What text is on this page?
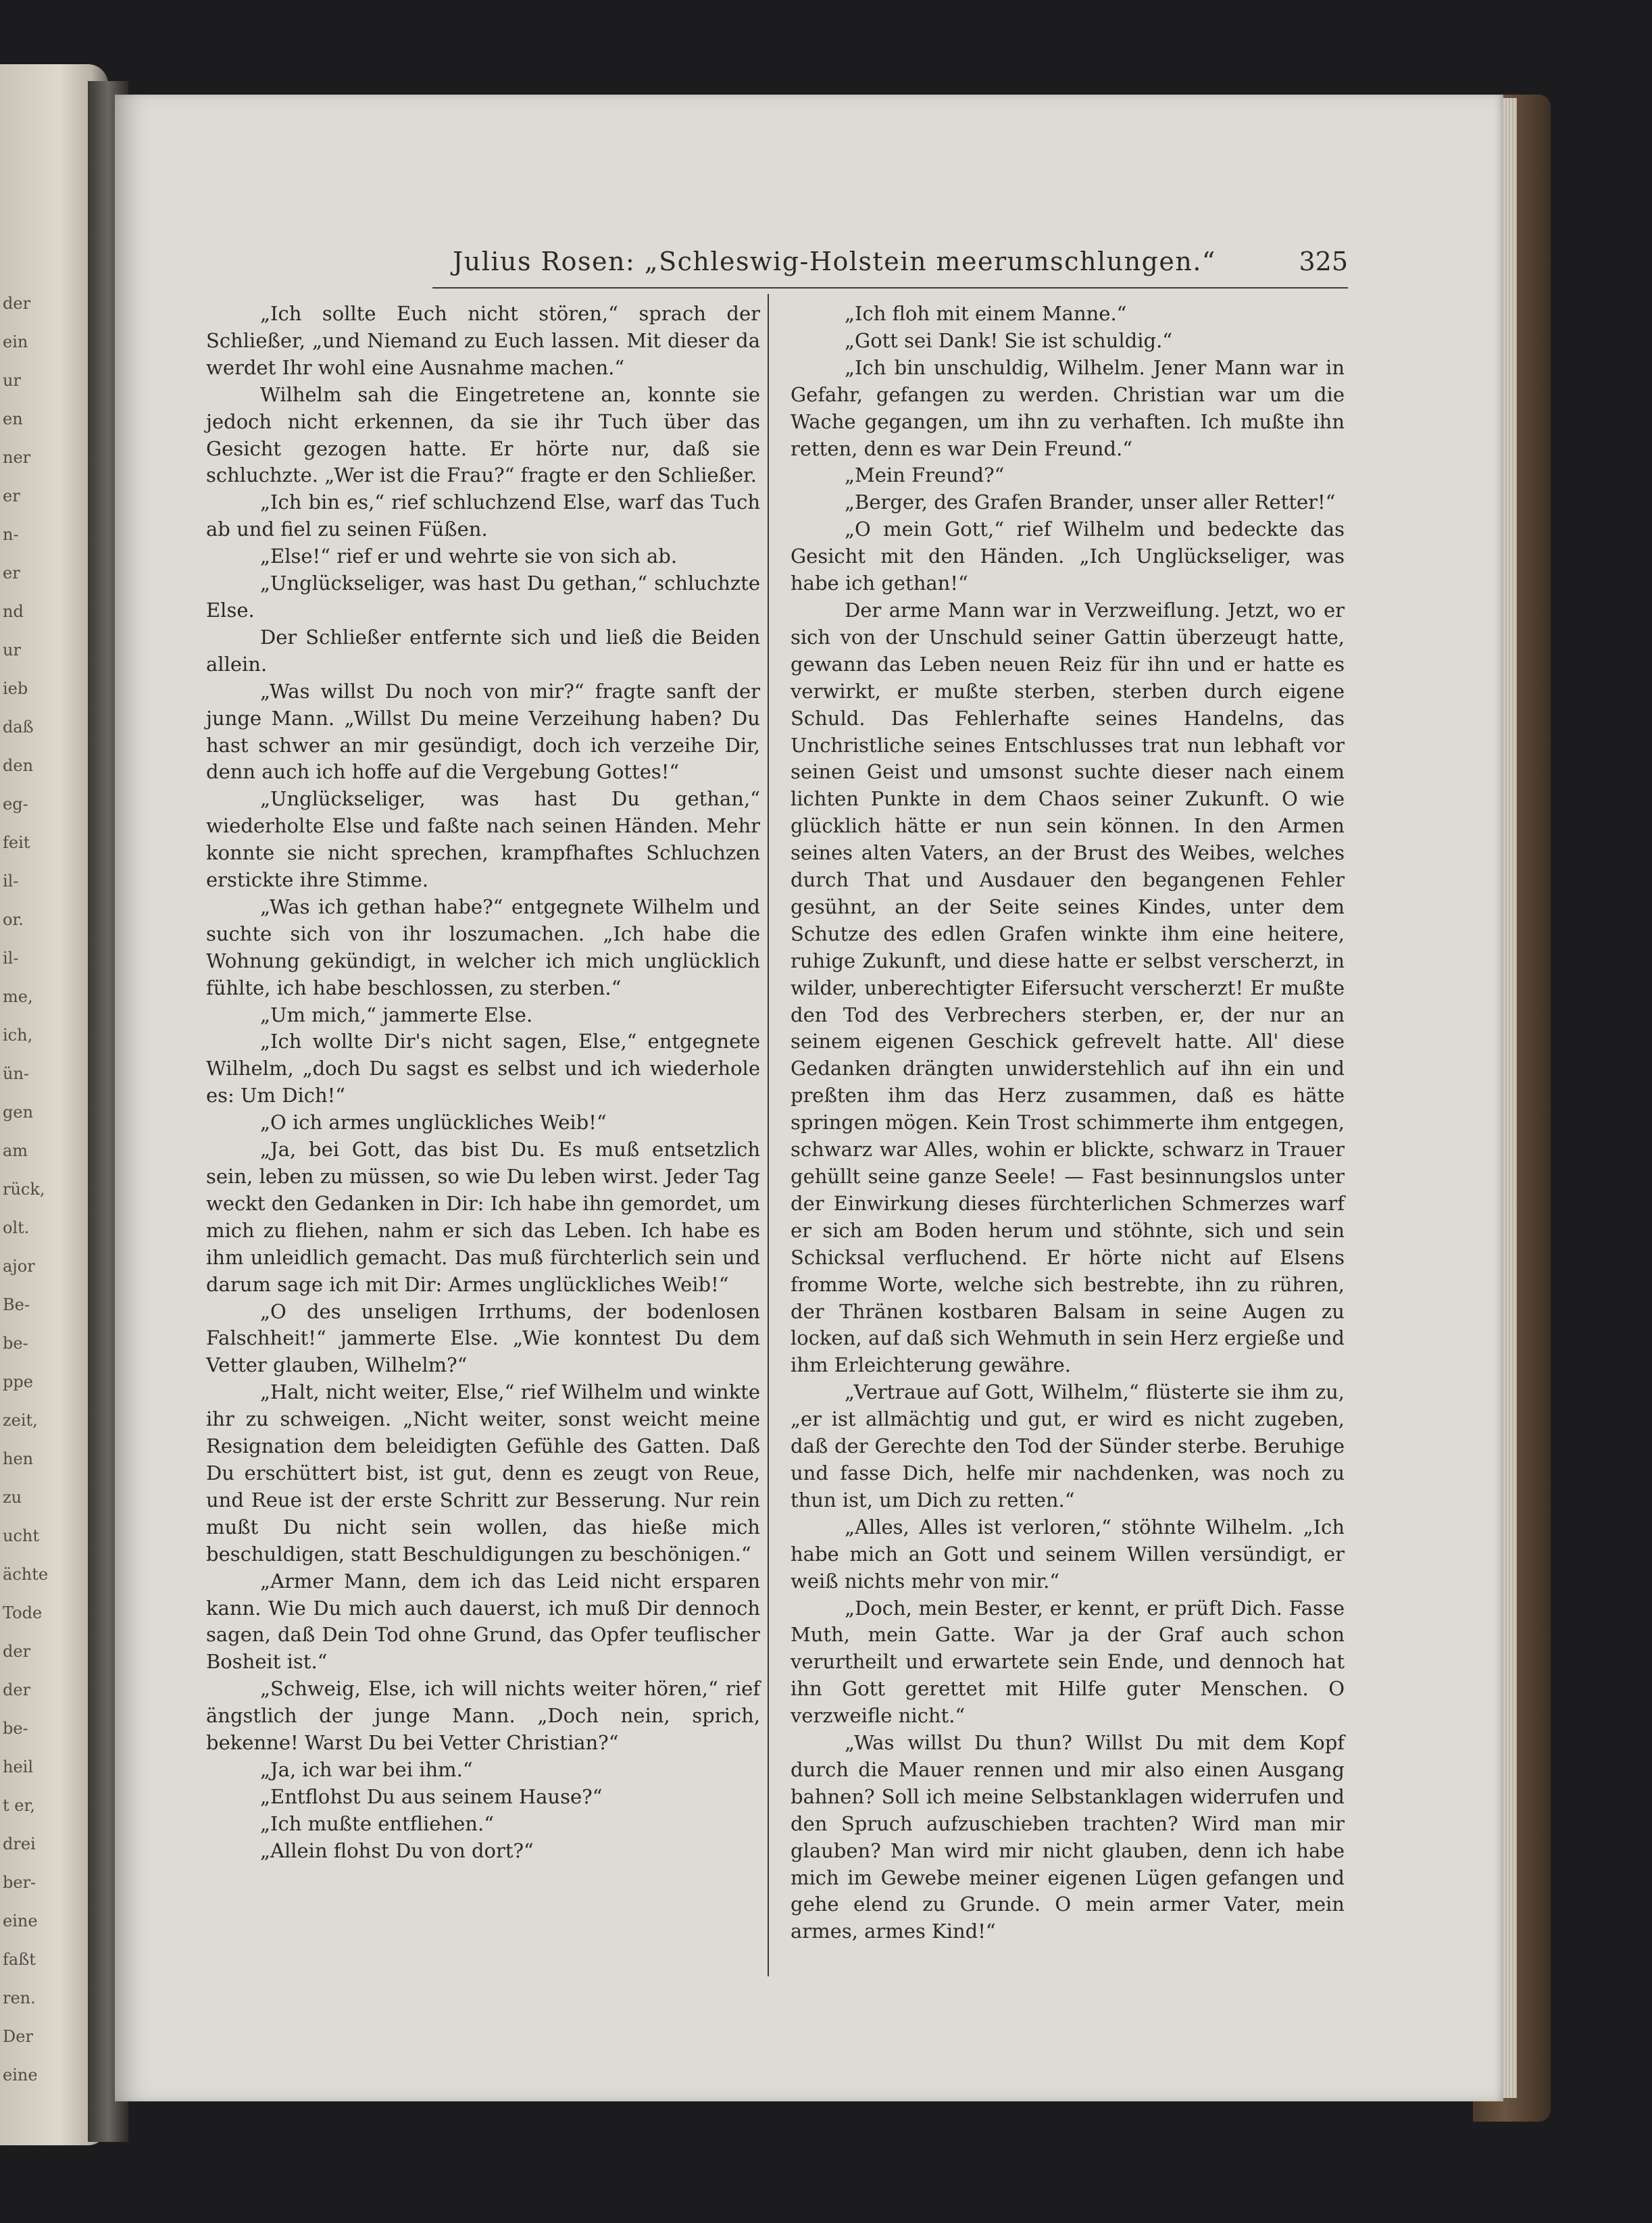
der
ein
ur
en
ner
er
n-
er
nd
ur
ieb
daß
den
eg-
feit
il-
or.
il-
me,
ich,
ün-
gen
am
rück,
olt.
ajor
Be-
be-
ppe
zeit,
hen
zu
ucht
ächte
Tode
der
der
be-
heil
t er,
drei
ber-
eine
faßt
ren.
Der
eine
Julius Rosen: „Schleswig-Holstein meerumschlungen.“	325

„Ich sollte Euch nicht stören,“ sprach der Schließer, „und Niemand zu Euch lassen. Mit dieser da werdet Ihr wohl eine Ausnahme machen.“

Wilhelm sah die Eingetretene an, konnte sie jedoch nicht erkennen, da sie ihr Tuch über das Gesicht gezogen hatte. Er hörte nur, daß sie schluchzte. „Wer ist die Frau?“ fragte er den Schließer.

„Ich bin es,“ rief schluchzend Else, warf das Tuch ab und fiel zu seinen Füßen.

„Else!“ rief er und wehrte sie von sich ab.

„Unglückseliger, was hast Du gethan,“ schluchzte Else.

Der Schließer entfernte sich und ließ die Beiden allein.

„Was willst Du noch von mir?“ fragte sanft der junge Mann. „Willst Du meine Verzeihung haben? Du hast schwer an mir gesündigt, doch ich verzeihe Dir, denn auch ich hoffe auf die Vergebung Gottes!“

„Unglückseliger, was hast Du gethan,“ wiederholte Else und faßte nach seinen Händen. Mehr konnte sie nicht sprechen, krampfhaftes Schluchzen erstickte ihre Stimme.

„Was ich gethan habe?“ entgegnete Wilhelm und suchte sich von ihr loszumachen. „Ich habe die Wohnung gekündigt, in welcher ich mich unglücklich fühlte, ich habe beschlossen, zu sterben.“

„Um mich,“ jammerte Else.

„Ich wollte Dir's nicht sagen, Else,“ entgegnete Wilhelm, „doch Du sagst es selbst und ich wiederhole es: Um Dich!“

„O ich armes unglückliches Weib!“

„Ja, bei Gott, das bist Du. Es muß entsetzlich sein, leben zu müssen, so wie Du leben wirst. Jeder Tag weckt den Gedanken in Dir: Ich habe ihn gemordet, um mich zu fliehen, nahm er sich das Leben. Ich habe es ihm unleidlich gemacht. Das muß fürchterlich sein und darum sage ich mit Dir: Armes unglückliches Weib!“

„O des unseligen Irrthums, der bodenlosen Falschheit!“ jammerte Else. „Wie konntest Du dem Vetter glauben, Wilhelm?“

„Halt, nicht weiter, Else,“ rief Wilhelm und winkte ihr zu schweigen. „Nicht weiter, sonst weicht meine Resignation dem beleidigten Gefühle des Gatten. Daß Du erschüttert bist, ist gut, denn es zeugt von Reue, und Reue ist der erste Schritt zur Besserung. Nur rein mußt Du nicht sein wollen, das hieße mich beschuldigen, statt Beschuldigungen zu beschönigen.“

„Armer Mann, dem ich das Leid nicht ersparen kann. Wie Du mich auch dauerst, ich muß Dir dennoch sagen, daß Dein Tod ohne Grund, das Opfer teuflischer Bosheit ist.“

„Schweig, Else, ich will nichts weiter hören,“ rief ängstlich der junge Mann. „Doch nein, sprich, bekenne! Warst Du bei Vetter Christian?“

„Ja, ich war bei ihm.“

„Entflohst Du aus seinem Hause?“

„Ich mußte entfliehen.“

„Allein flohst Du von dort?“

„Ich floh mit einem Manne.“

„Gott sei Dank! Sie ist schuldig.“

„Ich bin unschuldig, Wilhelm. Jener Mann war in Gefahr, gefangen zu werden. Christian war um die Wache gegangen, um ihn zu verhaften. Ich mußte ihn retten, denn es war Dein Freund.“

„Mein Freund?“

„Berger, des Grafen Brander, unser aller Retter!“

„O mein Gott,“ rief Wilhelm und bedeckte das Gesicht mit den Händen. „Ich Unglückseliger, was habe ich gethan!“

Der arme Mann war in Verzweiflung. Jetzt, wo er sich von der Unschuld seiner Gattin überzeugt hatte, gewann das Leben neuen Reiz für ihn und er hatte es verwirkt, er mußte sterben, sterben durch eigene Schuld. Das Fehlerhafte seines Handelns, das Unchristliche seines Entschlusses trat nun lebhaft vor seinen Geist und umsonst suchte dieser nach einem lichten Punkte in dem Chaos seiner Zukunft. O wie glücklich hätte er nun sein können. In den Armen seines alten Vaters, an der Brust des Weibes, welches durch That und Ausdauer den begangenen Fehler gesühnt, an der Seite seines Kindes, unter dem Schutze des edlen Grafen winkte ihm eine heitere, ruhige Zukunft, und diese hatte er selbst verscherzt, in wilder, unberechtigter Eifersucht verscherzt! Er mußte den Tod des Verbrechers sterben, er, der nur an seinem eigenen Geschick gefrevelt hatte. All' diese Gedanken drängten unwiderstehlich auf ihn ein und preßten ihm das Herz zusammen, daß es hätte springen mögen. Kein Trost schimmerte ihm entgegen, schwarz war Alles, wohin er blickte, schwarz in Trauer gehüllt seine ganze Seele! — Fast besinnungslos unter der Einwirkung dieses fürchterlichen Schmerzes warf er sich am Boden herum und stöhnte, sich und sein Schicksal verfluchend. Er hörte nicht auf Elsens fromme Worte, welche sich bestrebte, ihn zu rühren, der Thränen kostbaren Balsam in seine Augen zu locken, auf daß sich Wehmuth in sein Herz ergieße und ihm Erleichterung gewähre.

„Vertraue auf Gott, Wilhelm,“ flüsterte sie ihm zu, „er ist allmächtig und gut, er wird es nicht zugeben, daß der Gerechte den Tod der Sünder sterbe. Beruhige und fasse Dich, helfe mir nachdenken, was noch zu thun ist, um Dich zu retten.“

„Alles, Alles ist verloren,“ stöhnte Wilhelm. „Ich habe mich an Gott und seinem Willen versündigt, er weiß nichts mehr von mir.“

„Doch, mein Bester, er kennt, er prüft Dich. Fasse Muth, mein Gatte. War ja der Graf auch schon verurtheilt und erwartete sein Ende, und dennoch hat ihn Gott gerettet mit Hilfe guter Menschen. O verzweifle nicht.“

„Was willst Du thun? Willst Du mit dem Kopf durch die Mauer rennen und mir also einen Ausgang bahnen? Soll ich meine Selbstanklagen widerrufen und den Spruch aufzuschieben trachten? Wird man mir glauben? Man wird mir nicht glauben, denn ich habe mich im Gewebe meiner eigenen Lügen gefangen und gehe elend zu Grunde. O mein armer Vater, mein armes, armes Kind!“
